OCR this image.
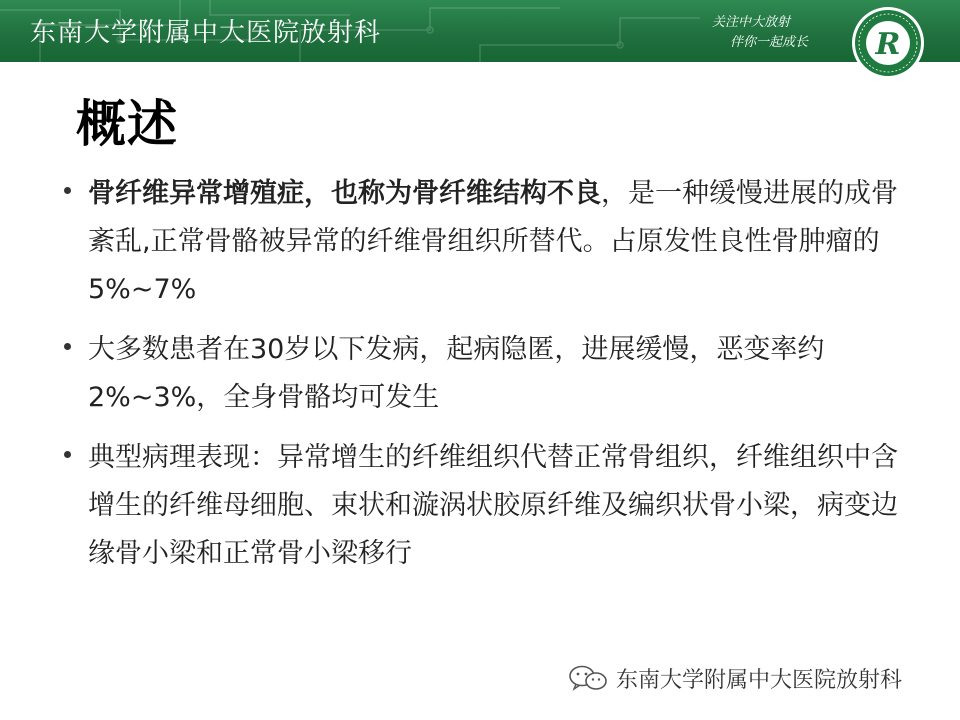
东南大学附属中大医院放射科	关注中大放射
伴你一起成长	R
概述
骨纤维异常增殖症，也称为骨纤维结构不良，是一种缓慢进展的成骨紊乱,正常骨骼被异常的纤维骨组织所替代。占原发性良性骨肿瘤的5%~7%
大多数患者在30岁以下发病，起病隐匿，进展缓慢，恶变率约2%~3%，全身骨骼均可发生
典型病理表现：异常增生的纤维组织代替正常骨组织，纤维组织中含增生的纤维母细胞、束状和漩涡状胶原纤维及编织状骨小梁，病变边缘骨小梁和正常骨小梁移行
东南大学附属中大医院放射科
